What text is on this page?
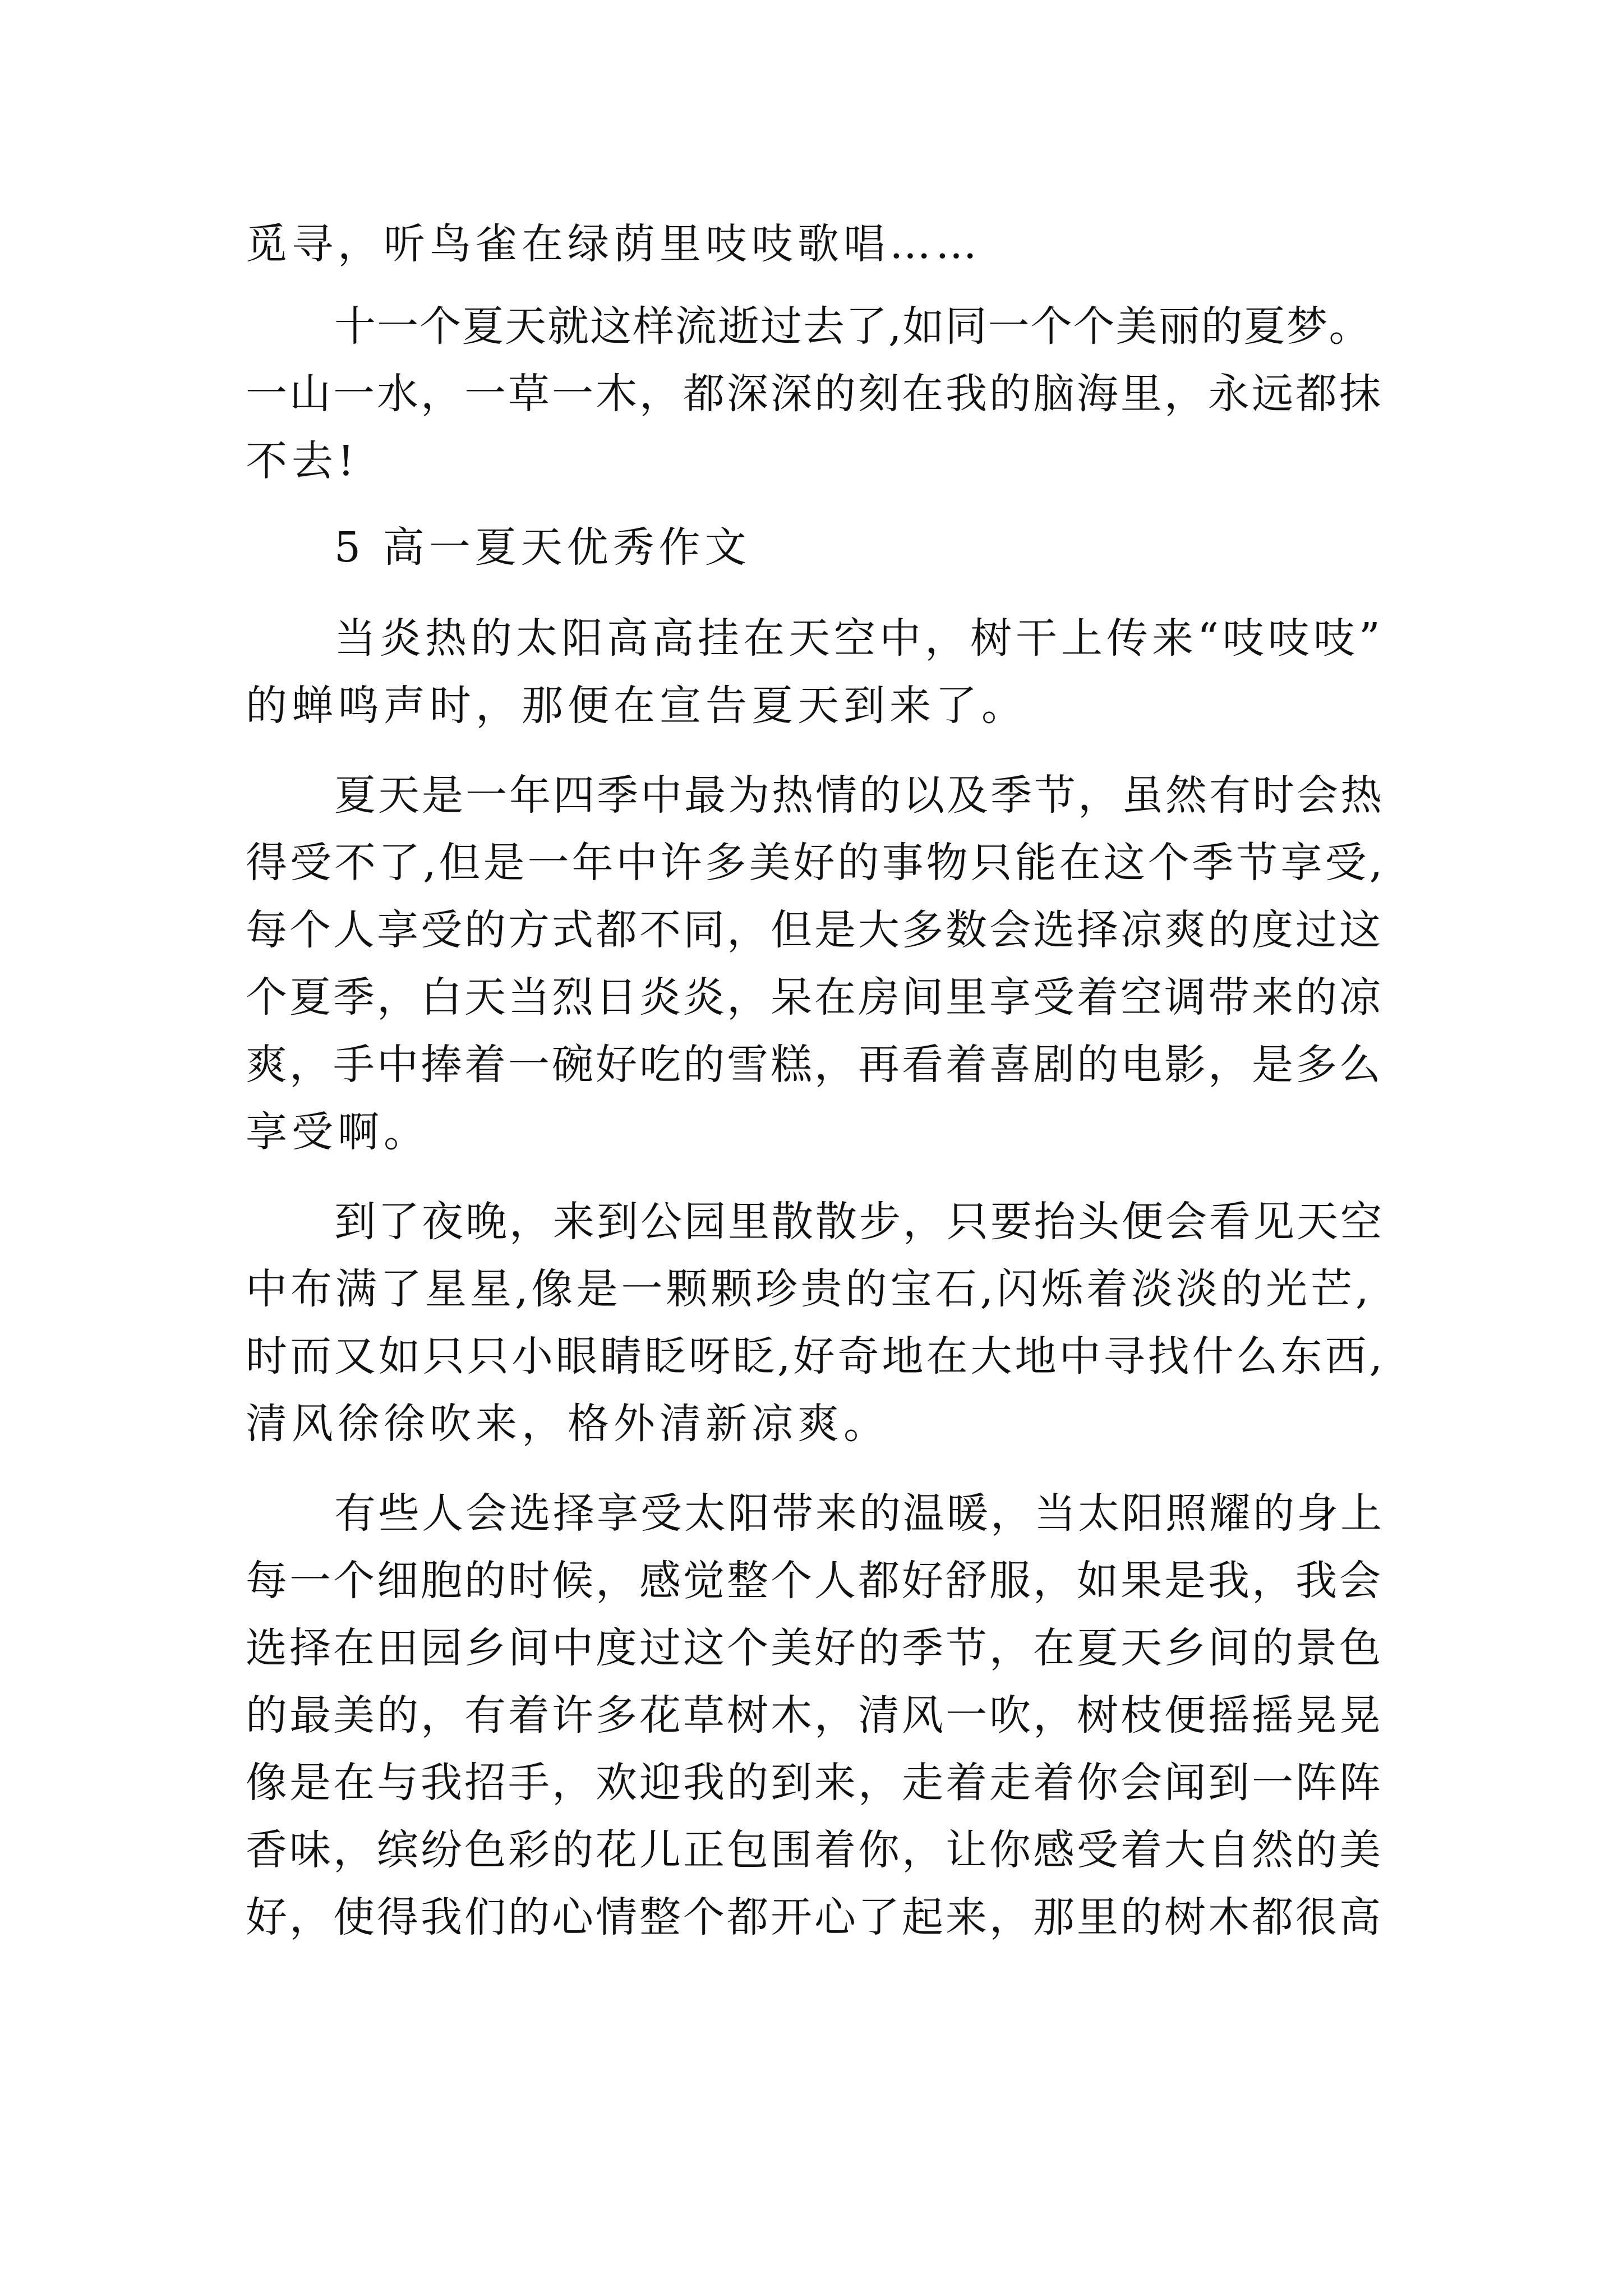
觅寻，听鸟雀在绿荫里吱吱歌唱……
十一个夏天就这样流逝过去了,如同一个个美丽的夏梦。
一山一水，一草一木，都深深的刻在我的脑海里，永远都抹
不去!
5 高一夏天优秀作文
当炎热的太阳高高挂在天空中，树干上传来“吱吱吱”
的蝉鸣声时，那便在宣告夏天到来了。
夏天是一年四季中最为热情的以及季节，虽然有时会热
得受不了,但是一年中许多美好的事物只能在这个季节享受,
每个人享受的方式都不同，但是大多数会选择凉爽的度过这
个夏季，白天当烈日炎炎，呆在房间里享受着空调带来的凉
爽，手中捧着一碗好吃的雪糕，再看着喜剧的电影，是多么
享受啊。
到了夜晚，来到公园里散散步，只要抬头便会看见天空
中布满了星星,像是一颗颗珍贵的宝石,闪烁着淡淡的光芒,
时而又如只只小眼睛眨呀眨,好奇地在大地中寻找什么东西,
清风徐徐吹来，格外清新凉爽。
有些人会选择享受太阳带来的温暖，当太阳照耀的身上
每一个细胞的时候，感觉整个人都好舒服，如果是我，我会
选择在田园乡间中度过这个美好的季节，在夏天乡间的景色
的最美的，有着许多花草树木，清风一吹，树枝便摇摇晃晃
像是在与我招手，欢迎我的到来，走着走着你会闻到一阵阵
香味，缤纷色彩的花儿正包围着你，让你感受着大自然的美
好，使得我们的心情整个都开心了起来，那里的树木都很高
